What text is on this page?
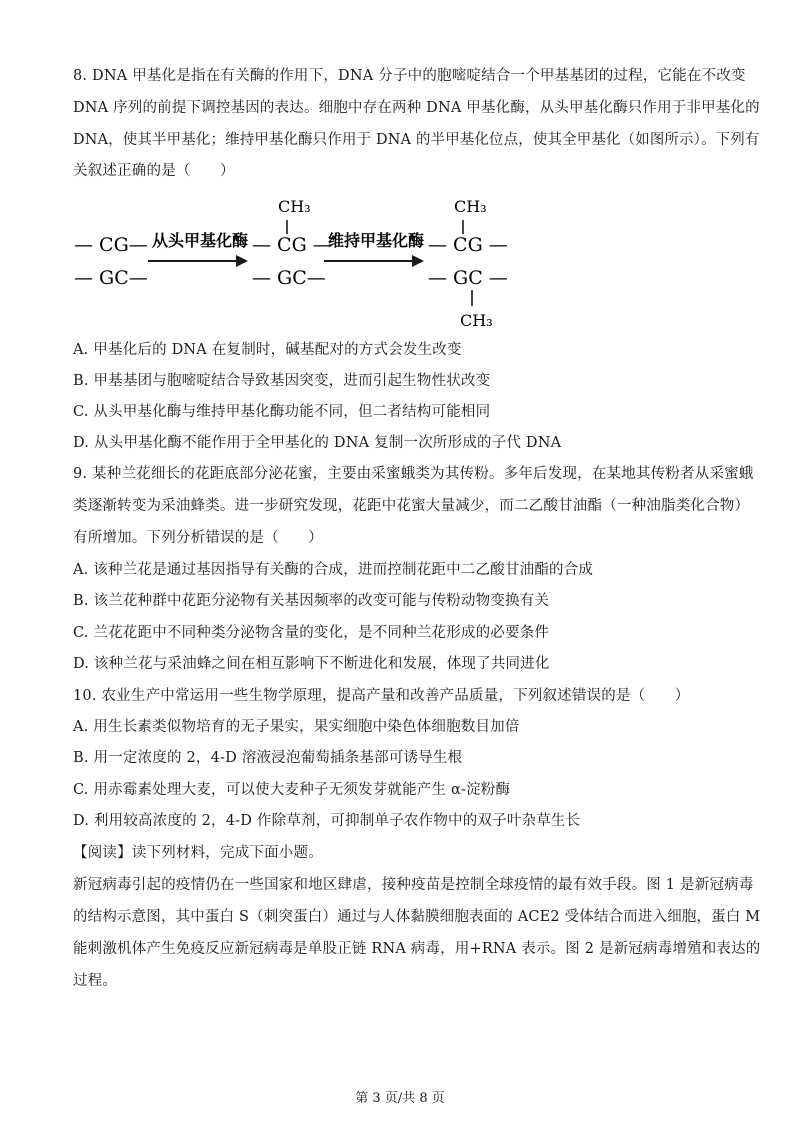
8. DNA 甲基化是指在有关酶的作用下，DNA 分子中的胞嘧啶结合一个甲基基团的过程，它能在不改变
DNA 序列的前提下调控基因的表达。细胞中存在两种 DNA 甲基化酶，从头甲基化酶只作用于非甲基化的
DNA，使其半甲基化；维持甲基化酶只作用于 DNA 的半甲基化位点，使其全甲基化（如图所示）。下列有
关叙述正确的是（　　）
— CG—
— GC—
从头甲基化酶
CH₃
— CG —
— GC—
维持甲基化酶
CH₃
— CG —
— GC —
CH₃
A. 甲基化后的 DNA 在复制时，碱基配对的方式会发生改变
B. 甲基基团与胞嘧啶结合导致基因突变，进而引起生物性状改变
C. 从头甲基化酶与维持甲基化酶功能不同，但二者结构可能相同
D. 从头甲基化酶不能作用于全甲基化的 DNA 复制一次所形成的子代 DNA
9. 某种兰花细长的花距底部分泌花蜜，主要由采蜜蛾类为其传粉。多年后发现，在某地其传粉者从采蜜蛾
类逐渐转变为采油蜂类。进一步研究发现，花距中花蜜大量减少，而二乙酸甘油酯（一种油脂类化合物）
有所增加。下列分析错误的是（　　）
A. 该种兰花是通过基因指导有关酶的合成，进而控制花距中二乙酸甘油酯的合成
B. 该兰花种群中花距分泌物有关基因频率的改变可能与传粉动物变换有关
C. 兰花花距中不同种类分泌物含量的变化，是不同种兰花形成的必要条件
D. 该种兰花与采油蜂之间在相互影响下不断进化和发展，体现了共同进化
10. 农业生产中常运用一些生物学原理，提高产量和改善产品质量，下列叙述错误的是（　　）
A. 用生长素类似物培育的无子果实，果实细胞中染色体细胞数目加倍
B. 用一定浓度的 2，4-D 溶液浸泡葡萄插条基部可诱导生根
C. 用赤霉素处理大麦，可以使大麦种子无须发芽就能产生 α-淀粉酶
D. 利用较高浓度的 2，4-D 作除草剂，可抑制单子农作物中的双子叶杂草生长
【阅读】读下列材料，完成下面小题。
新冠病毒引起的疫情仍在一些国家和地区肆虐，接种疫苗是控制全球疫情的最有效手段。图 1 是新冠病毒
的结构示意图，其中蛋白 S（刺突蛋白）通过与人体黏膜细胞表面的 ACE2 受体结合而进入细胞，蛋白 M
能刺激机体产生免疫反应新冠病毒是单股正链 RNA 病毒，用+RNA 表示。图 2 是新冠病毒增殖和表达的
过程。
第 3 页/共 8 页
